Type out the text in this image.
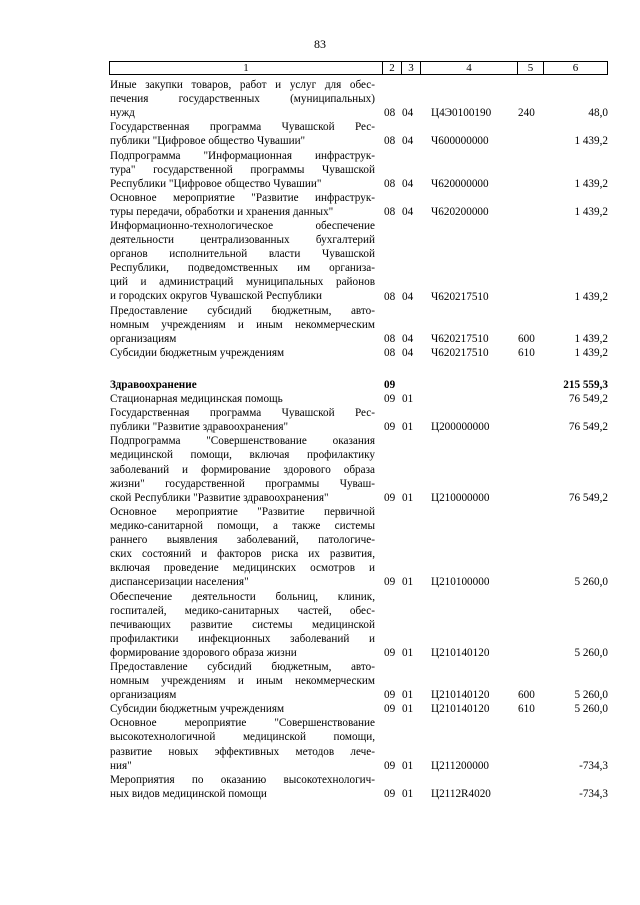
83
1	2	3	4	5	6
Иные закупки товаров, работ и услуг для обес-
печения государственных (муниципальных)
нужд	08 04 Ц4Э0100190 240	48,0
Государственная программа Чувашской Рес-
публики "Цифровое общество Чувашии"	08 04 Ч600000000	1 439,2
Подпрограмма "Информационная инфраструк-
тура" государственной программы Чувашской
Республики "Цифровое общество Чувашии"	08 04 Ч620000000	1 439,2
Основное мероприятие "Развитие инфраструк-
туры передачи, обработки и хранения данных"	08 04 Ч620200000	1 439,2
Информационно-технологическое обеспечение
деятельности централизованных бухгалтерий
органов исполнительной власти Чувашской
Республики, подведомственных им организа-
ций и администраций муниципальных районов
и городских округов Чувашской Республики	08 04 Ч620217510	1 439,2
Предоставление субсидий бюджетным, авто-
номным учреждениям и иным некоммерческим
организациям	08 04 Ч620217510	600	1 439,2
Субсидии бюджетным учреждениям	08 04 Ч620217510	610	1 439,2
Здравоохранение	09	215 559,3
Стационарная медицинская помощь	09 01	76 549,2
Государственная программа Чувашской Рес-
публики "Развитие здравоохранения"	09 01 Ц200000000	76 549,2
Подпрограмма "Совершенствование оказания
медицинской помощи, включая профилактику
заболеваний и формирование здорового образа
жизни" государственной программы Чуваш-
ской Республики "Развитие здравоохранения"	09 01 Ц210000000	76 549,2
Основное мероприятие "Развитие первичной
медико-санитарной помощи, а также системы
раннего выявления заболеваний, патологиче-
ских состояний и факторов риска их развития,
включая проведение медицинских осмотров и
диспансеризации населения"	09 01 Ц210100000	5 260,0
Обеспечение деятельности больниц, клиник,
госпиталей, медико-санитарных частей, обес-
печивающих развитие системы медицинской
профилактики инфекционных заболеваний и
формирование здорового образа жизни	09 01 Ц210140120	5 260,0
Предоставление субсидий бюджетным, авто-
номным учреждениям и иным некоммерческим
организациям	09 01 Ц210140120	600	5 260,0
Субсидии бюджетным учреждениям	09 01 Ц210140120	610	5 260,0
Основное мероприятие "Совершенствование
высокотехнологичной медицинской помощи,
развитие новых эффективных методов лече-
ния"	09 01 Ц211200000	-734,3
Мероприятия по оказанию высокотехнологич-
ных видов медицинской помощи	09 01 Ц2112R4020	-734,3
